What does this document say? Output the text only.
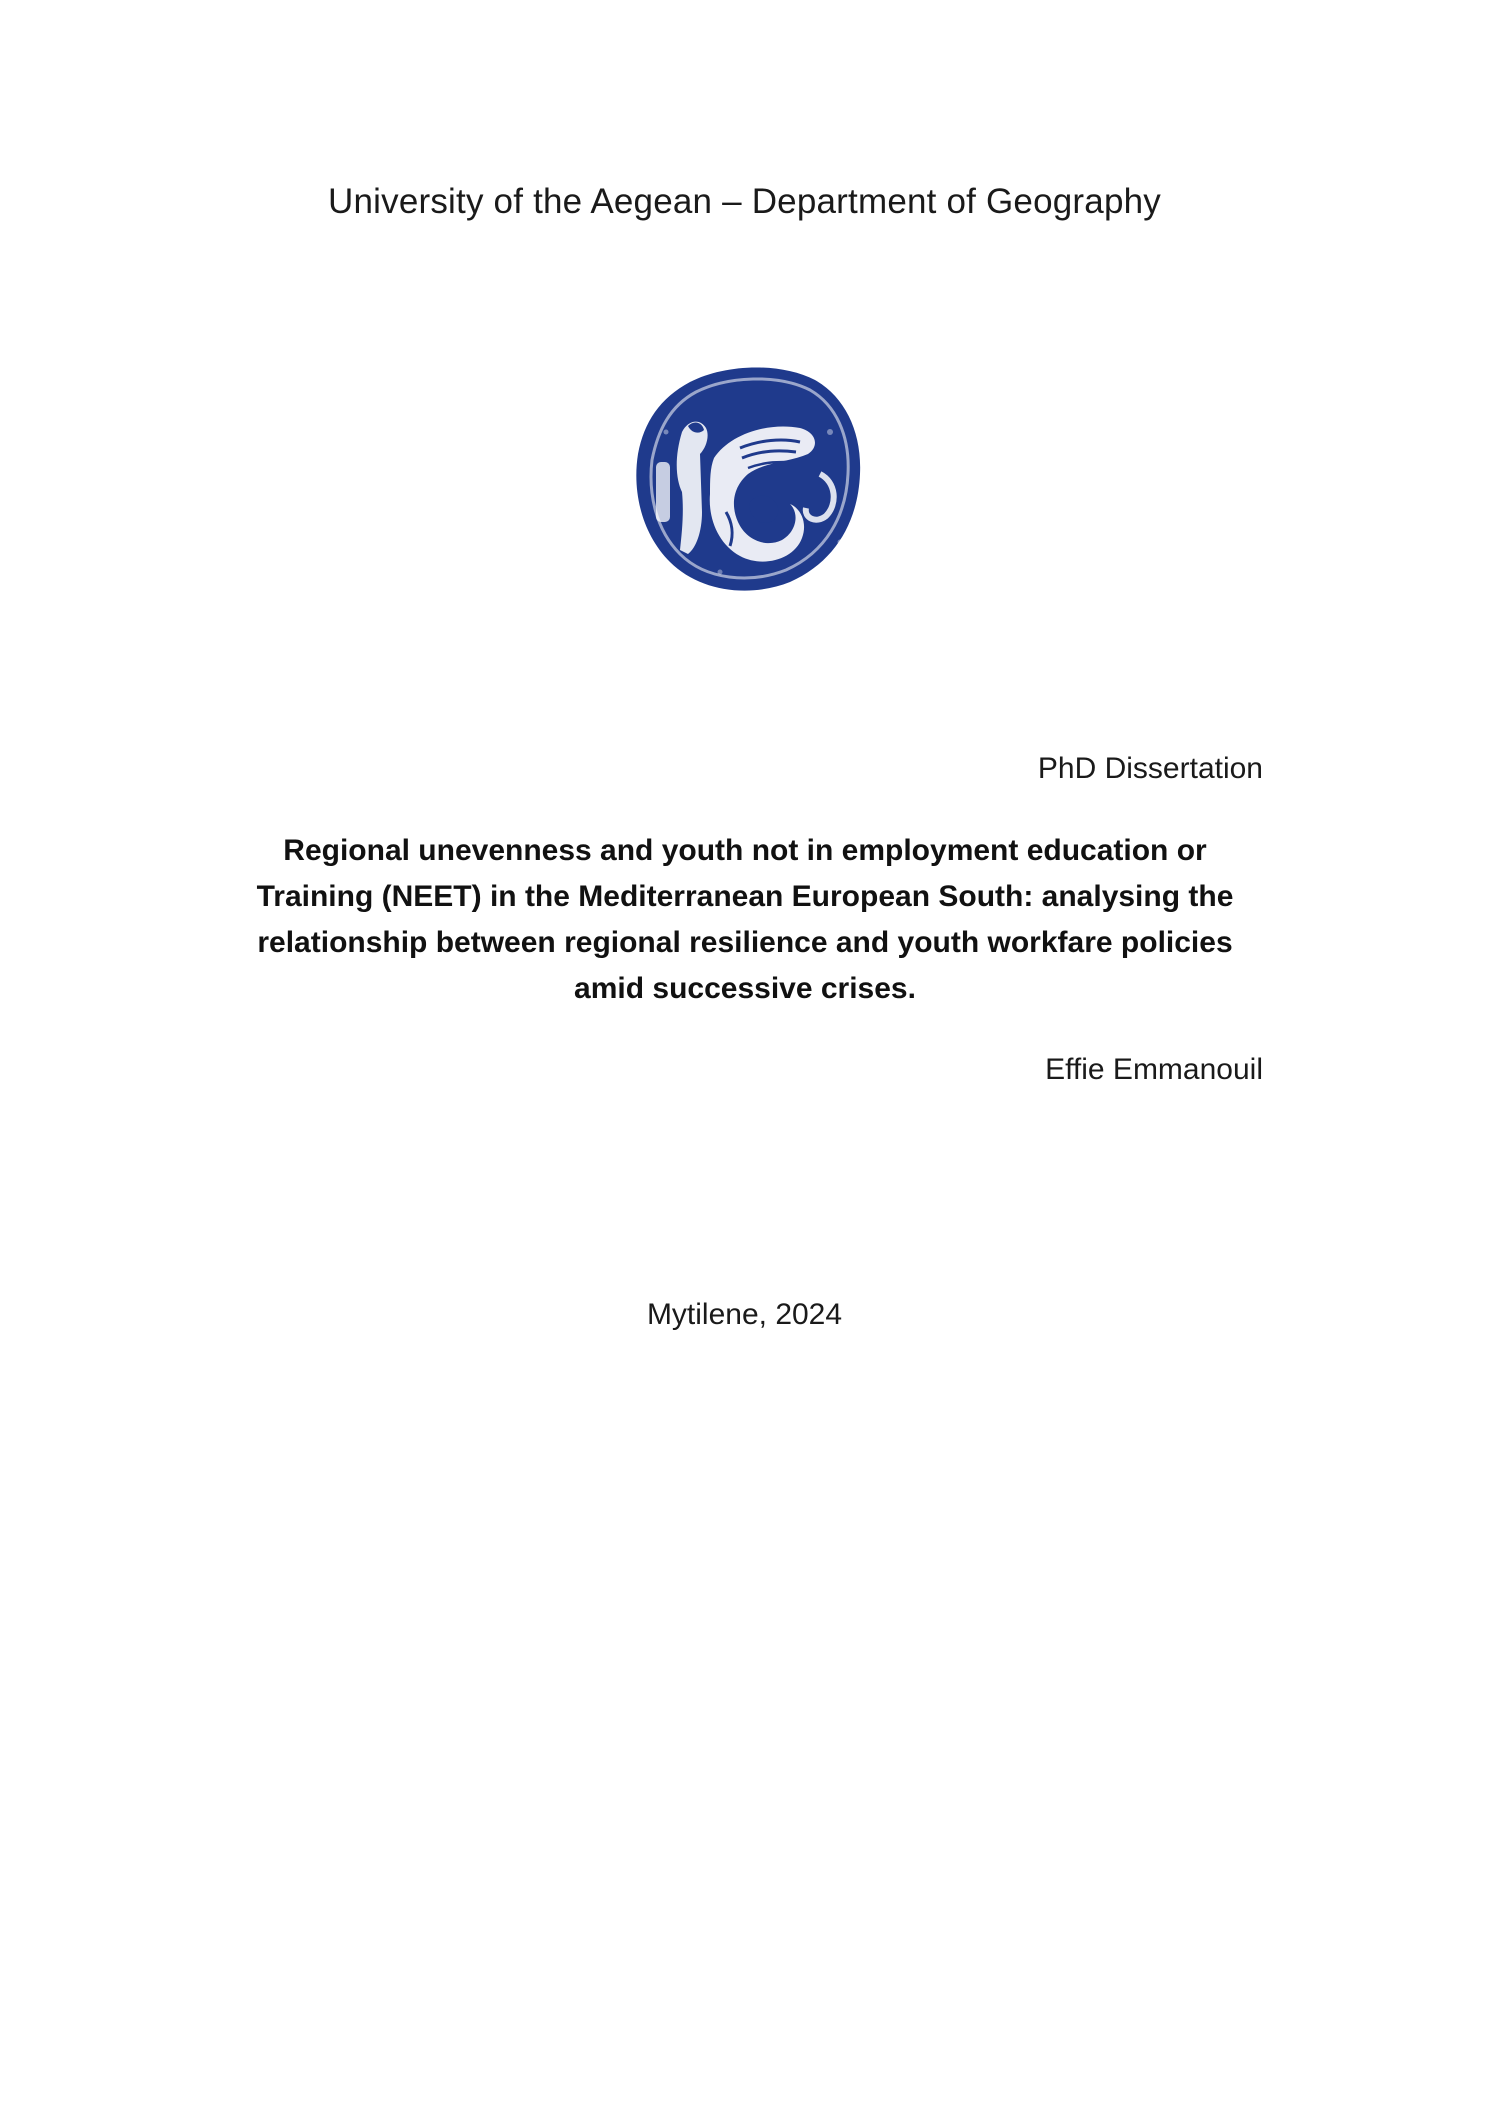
University of the Aegean – Department of Geography
PhD Dissertation
Regional unevenness and youth not in employment education or Training (NEET) in the Mediterranean European South: analysing the relationship between regional resilience and youth workfare policies amid successive crises.
Effie Emmanouil
Mytilene, 2024
